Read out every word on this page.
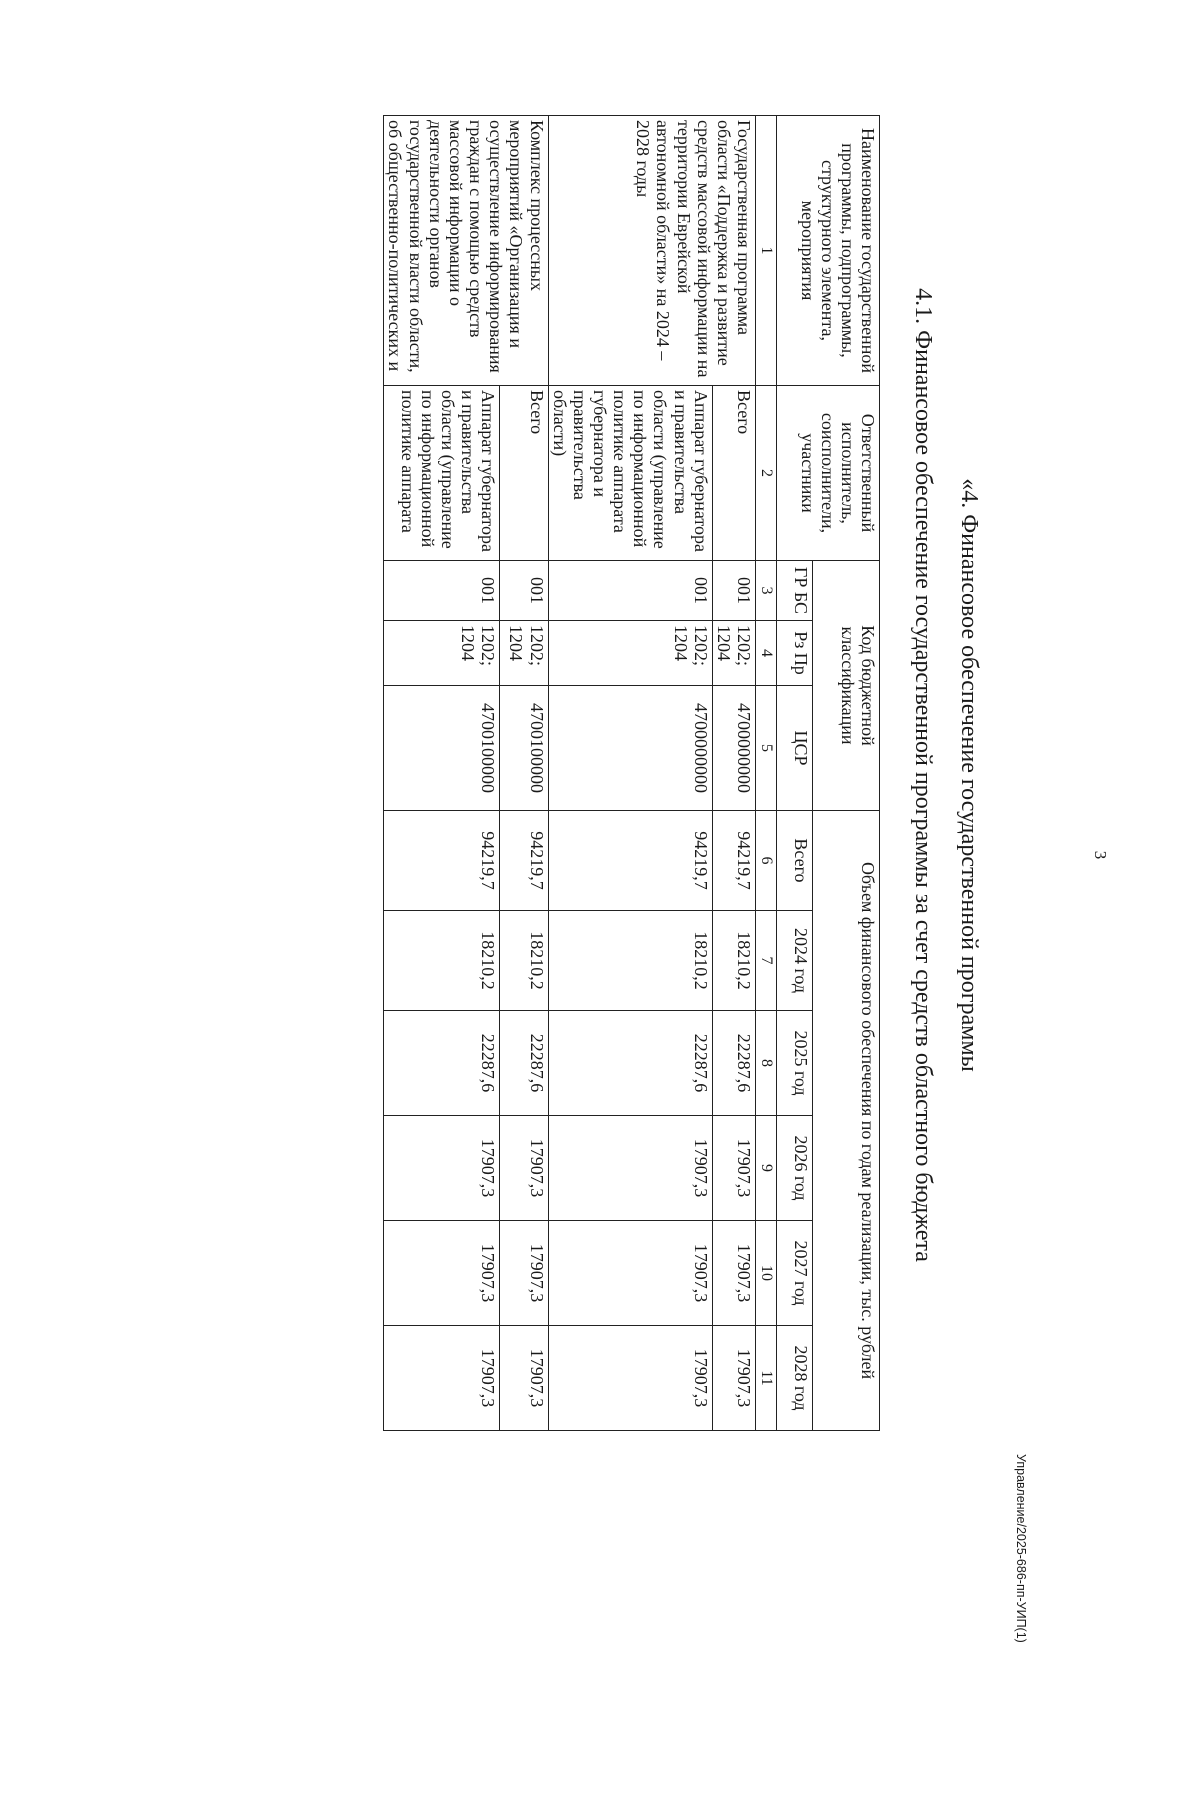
3
Управление/2025-686-пп-УИП(1)
«4. Финансовое обеспечение государственной программы
4.1. Финансовое обеспечение государственной программы за счет средств областного бюджета
Наименование государственной программы, подпрограммы, структурного элемента, мероприятия	Ответственный исполнитель, соисполнители, участники	Код бюджетной классификации			Объем финансового обеспечения по годам реализации, тыс. рублей					
		ГР БС	Рз Пр	ЦСР	Всего	2024 год	2025 год	2026 год	2027 год	2028 год
1	2	3	4	5	6	7	8	9	10	11
Государственная программа области «Поддержка и развитие средств массовой информации на территории Еврейской автономной области» на 2024 – 2028 годы	Всего	001	1202; 1204	4700000000	94219,7	18210,2	22287,6	17907,3	17907,3	17907,3
	Аппарат губернатора и правительства области (управление по информационной политике аппарата губернатора и правительства области)	001	1202; 1204	4700000000	94219,7	18210,2	22287,6	17907,3	17907,3	17907,3
Комплекс процессных мероприятий «Организация и осуществление информирования граждан с помощью средств массовой информации о деятельности органов государственной власти области, об общественно-политических и	Всего	001	1202; 1204	4700100000	94219,7	18210,2	22287,6	17907,3	17907,3	17907,3
	Аппарат губернатора и правительства области (управление по информационной политике аппарата	001	1202; 1204	4700100000	94219,7	18210,2	22287,6	17907,3	17907,3	17907,3
